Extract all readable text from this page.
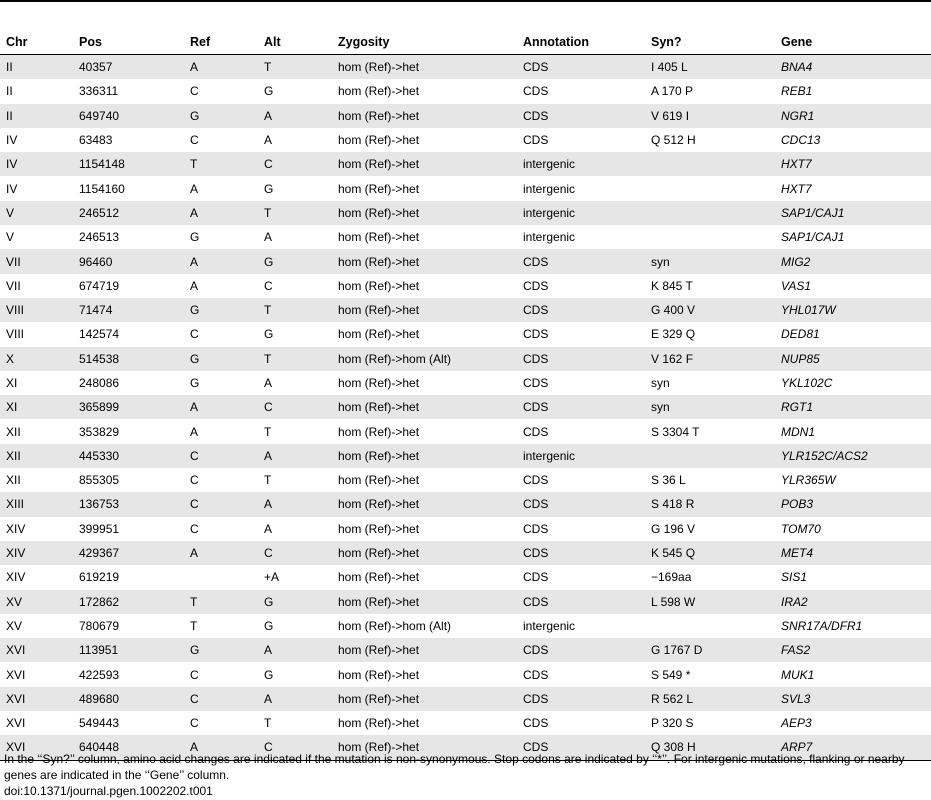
Chr	Pos	Ref	Alt	Zygosity	Annotation	Syn?	Gene
II	40357	A	T	hom (Ref)->het	CDS	I 405 L	BNA4
II	336311	C	G	hom (Ref)->het	CDS	A 170 P	REB1
II	649740	G	A	hom (Ref)->het	CDS	V 619 I	NGR1
IV	63483	C	A	hom (Ref)->het	CDS	Q 512 H	CDC13
IV	1154148	T	C	hom (Ref)->het	intergenic		HXT7
IV	1154160	A	G	hom (Ref)->het	intergenic		HXT7
V	246512	A	T	hom (Ref)->het	intergenic		SAP1/CAJ1
V	246513	G	A	hom (Ref)->het	intergenic		SAP1/CAJ1
VII	96460	A	G	hom (Ref)->het	CDS	syn	MIG2
VII	674719	A	C	hom (Ref)->het	CDS	K 845 T	VAS1
VIII	71474	G	T	hom (Ref)->het	CDS	G 400 V	YHL017W
VIII	142574	C	G	hom (Ref)->het	CDS	E 329 Q	DED81
X	514538	G	T	hom (Ref)->hom (Alt)	CDS	V 162 F	NUP85
XI	248086	G	A	hom (Ref)->het	CDS	syn	YKL102C
XI	365899	A	C	hom (Ref)->het	CDS	syn	RGT1
XII	353829	A	T	hom (Ref)->het	CDS	S 3304 T	MDN1
XII	445330	C	A	hom (Ref)->het	intergenic		YLR152C/ACS2
XII	855305	C	T	hom (Ref)->het	CDS	S 36 L	YLR365W
XIII	136753	C	A	hom (Ref)->het	CDS	S 418 R	POB3
XIV	399951	C	A	hom (Ref)->het	CDS	G 196 V	TOM70
XIV	429367	A	C	hom (Ref)->het	CDS	K 545 Q	MET4
XIV	619219		+A	hom (Ref)->het	CDS	−169aa	SIS1
XV	172862	T	G	hom (Ref)->het	CDS	L 598 W	IRA2
XV	780679	T	G	hom (Ref)->hom (Alt)	intergenic		SNR17A/DFR1
XVI	113951	G	A	hom (Ref)->het	CDS	G 1767 D	FAS2
XVI	422593	C	G	hom (Ref)->het	CDS	S 549 *	MUK1
XVI	489680	C	A	hom (Ref)->het	CDS	R 562 L	SVL3
XVI	549443	C	T	hom (Ref)->het	CDS	P 320 S	AEP3
XVI	640448	A	C	hom (Ref)->het	CDS	Q 308 H	ARP7
In the ‘‘Syn?’’ column, amino acid changes are indicated if the mutation is non-synonymous. Stop codons are indicated by ‘‘*’’. For intergenic mutations, flanking or nearby genes are indicated in the ‘‘Gene’’ column.
doi:10.1371/journal.pgen.1002202.t001
